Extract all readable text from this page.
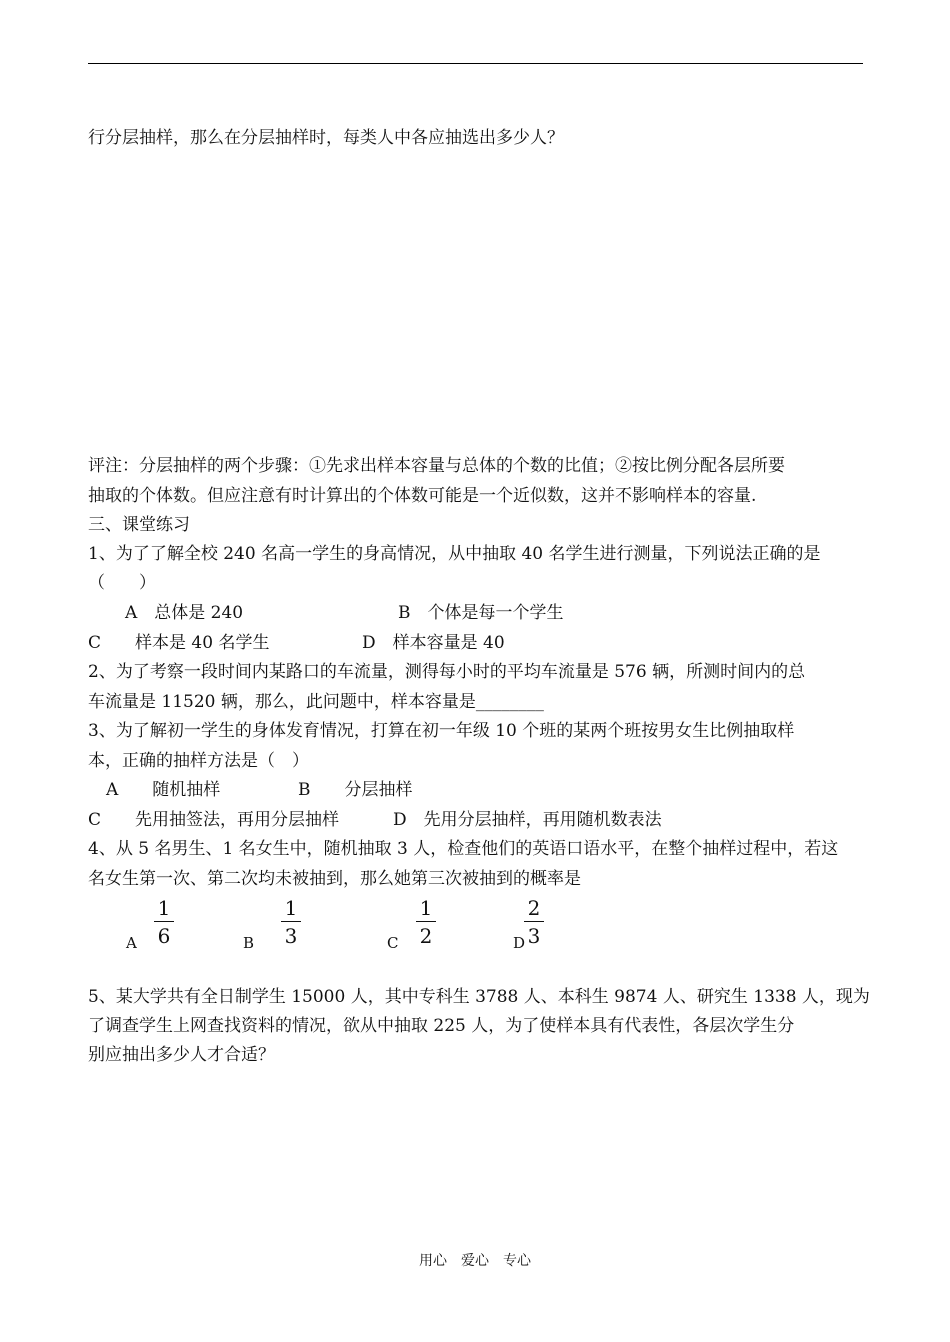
行分层抽样，那么在分层抽样时，每类人中各应抽选出多少人？
评注：分层抽样的两个步骤：①先求出样本容量与总体的个数的比值；②按比例分配各层所要
抽取的个体数。但应注意有时计算出的个体数可能是一个近似数，这并不影响样本的容量.
三、课堂练习
1、为了了解全校 240 名高一学生的身高情况，从中抽取 40 名学生进行测量，下列说法正确的是
（　　）
A　总体是 240	B　个体是每一个学生
C　　样本是 40 名学生	D　样本容量是 40
2、为了考察一段时间内某路口的车流量，测得每小时的平均车流量是 576 辆，所测时间内的总
车流量是 11520 辆，那么，此问题中，样本容量是________
3、为了解初一学生的身体发育情况，打算在初一年级 10 个班的某两个班按男女生比例抽取样
本，正确的抽样方法是（　）
A　　随机抽样	B　　分层抽样
C　　先用抽签法，再用分层抽样	D　先用分层抽样，再用随机数表法
4、从 5 名男生、1 名女生中，随机抽取 3 人，检查他们的英语口语水平，在整个抽样过程中，若这
名女生第一次、第二次均未被抽到，那么她第三次被抽到的概率是
A
1
6	B
1
3	C
1
2	D
2
3
5、某大学共有全日制学生 15000 人，其中专科生 3788 人、本科生 9874 人、研究生 1338 人，现为
了调查学生上网查找资料的情况，欲从中抽取 225 人，为了使样本具有代表性，各层次学生分
别应抽出多少人才合适？
用心　爱心　专心
